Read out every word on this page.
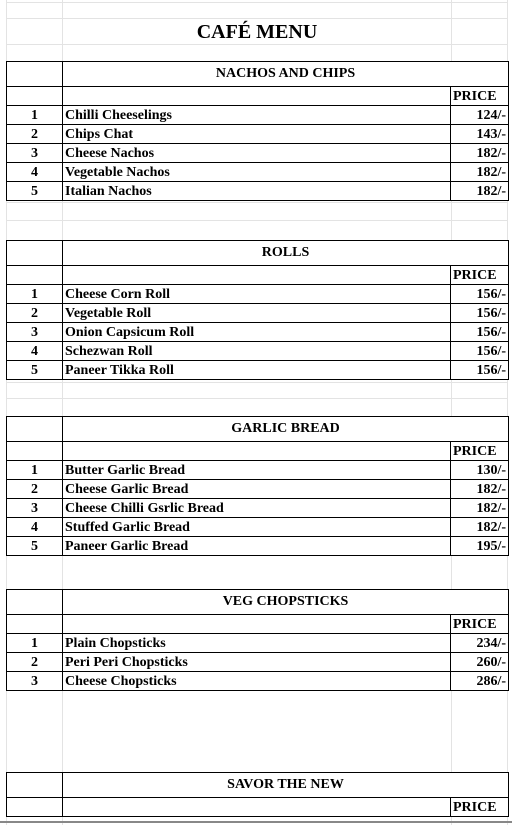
CAFÉ MENU
	NACHOS AND CHIPS	
		PRICE
1	Chilli Cheeselings	124/-
2	Chips Chat	143/-
3	Cheese Nachos	182/-
4	Vegetable Nachos	182/-
5	Italian Nachos	182/-
	ROLLS	
		PRICE
1	Cheese Corn Roll	156/-
2	Vegetable Roll	156/-
3	Onion Capsicum Roll	156/-
4	Schezwan Roll	156/-
5	Paneer Tikka Roll	156/-
	GARLIC BREAD	
		PRICE
1	Butter Garlic Bread	130/-
2	Cheese Garlic Bread	182/-
3	Cheese Chilli Gsrlic Bread	182/-
4	Stuffed Garlic Bread	182/-
5	Paneer Garlic Bread	195/-
	VEG CHOPSTICKS	
		PRICE
1	Plain Chopsticks	234/-
2	Peri Peri Chopsticks	260/-
3	Cheese Chopsticks	286/-
	SAVOR THE NEW	
		PRICE
